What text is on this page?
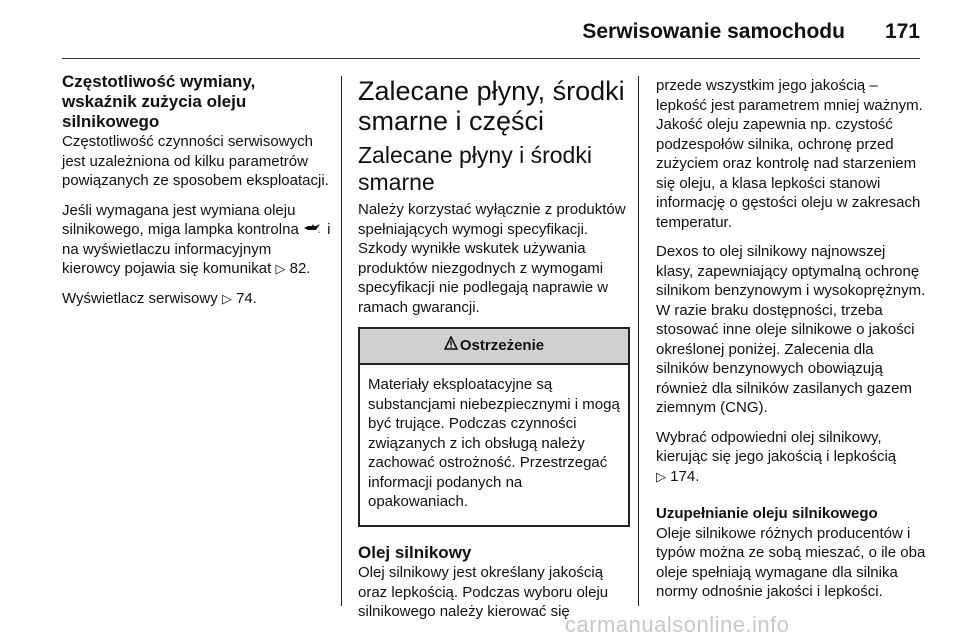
Serwisowanie samochodu 171
Częstotliwość wymiany, wskaźnik zużycia oleju silnikowego

Częstotliwość czynności serwisowych jest uzależniona od kilku parametrów powiązanych ze sposobem eksploatacji.

Jeśli wymagana jest wymiana oleju silnikowego, miga lampka kontrolna i na wyświetlaczu informacyjnym kierowcy pojawia się komunikat ▷ 82.

Wyświetlacz serwisowy ▷ 74.

Zalecane płyny, środki smarne i części
Zalecane płyny i środki smarne

Należy korzystać wyłącznie z produktów spełniających wymogi specyfikacji. Szkody wynikłe wskutek używania produktów niezgodnych z wymogami specyfikacji nie podlegają naprawie w ramach gwarancji.

Ostrzeżenie
Materiały eksploatacyjne są substancjami niebezpiecznymi i mogą być trujące. Podczas czynności związanych z ich obsługą należy zachować ostrożność. Przestrzegać informacji podanych na opakowaniach.
Olej silnikowy

Olej silnikowy jest określany jakością oraz lepkością. Podczas wyboru oleju silnikowego należy kierować się

przede wszystkim jego jakością – lepkość jest parametrem mniej ważnym. Jakość oleju zapewnia np. czystość podzespołów silnika, ochronę przed zużyciem oraz kontrolę nad starzeniem się oleju, a klasa lepkości stanowi informację o gęstości oleju w zakresach temperatur.

Dexos to olej silnikowy najnowszej klasy, zapewniający optymalną ochronę silnikom benzynowym i wysokoprężnym. W razie braku dostępności, trzeba stosować inne oleje silnikowe o jakości określonej poniżej. Zalecenia dla silników benzynowych obowiązują również dla silników zasilanych gazem ziemnym (CNG).

Wybrać odpowiedni olej silnikowy, kierując się jego jakością i lepkością
▷ 174.

Uzupełnianie oleju silnikowego

Oleje silnikowe różnych producentów i typów można ze sobą mieszać, o ile oba oleje spełniają wymagane dla silnika normy odnośnie jakości i lepkości.

carmanualsonline.info
